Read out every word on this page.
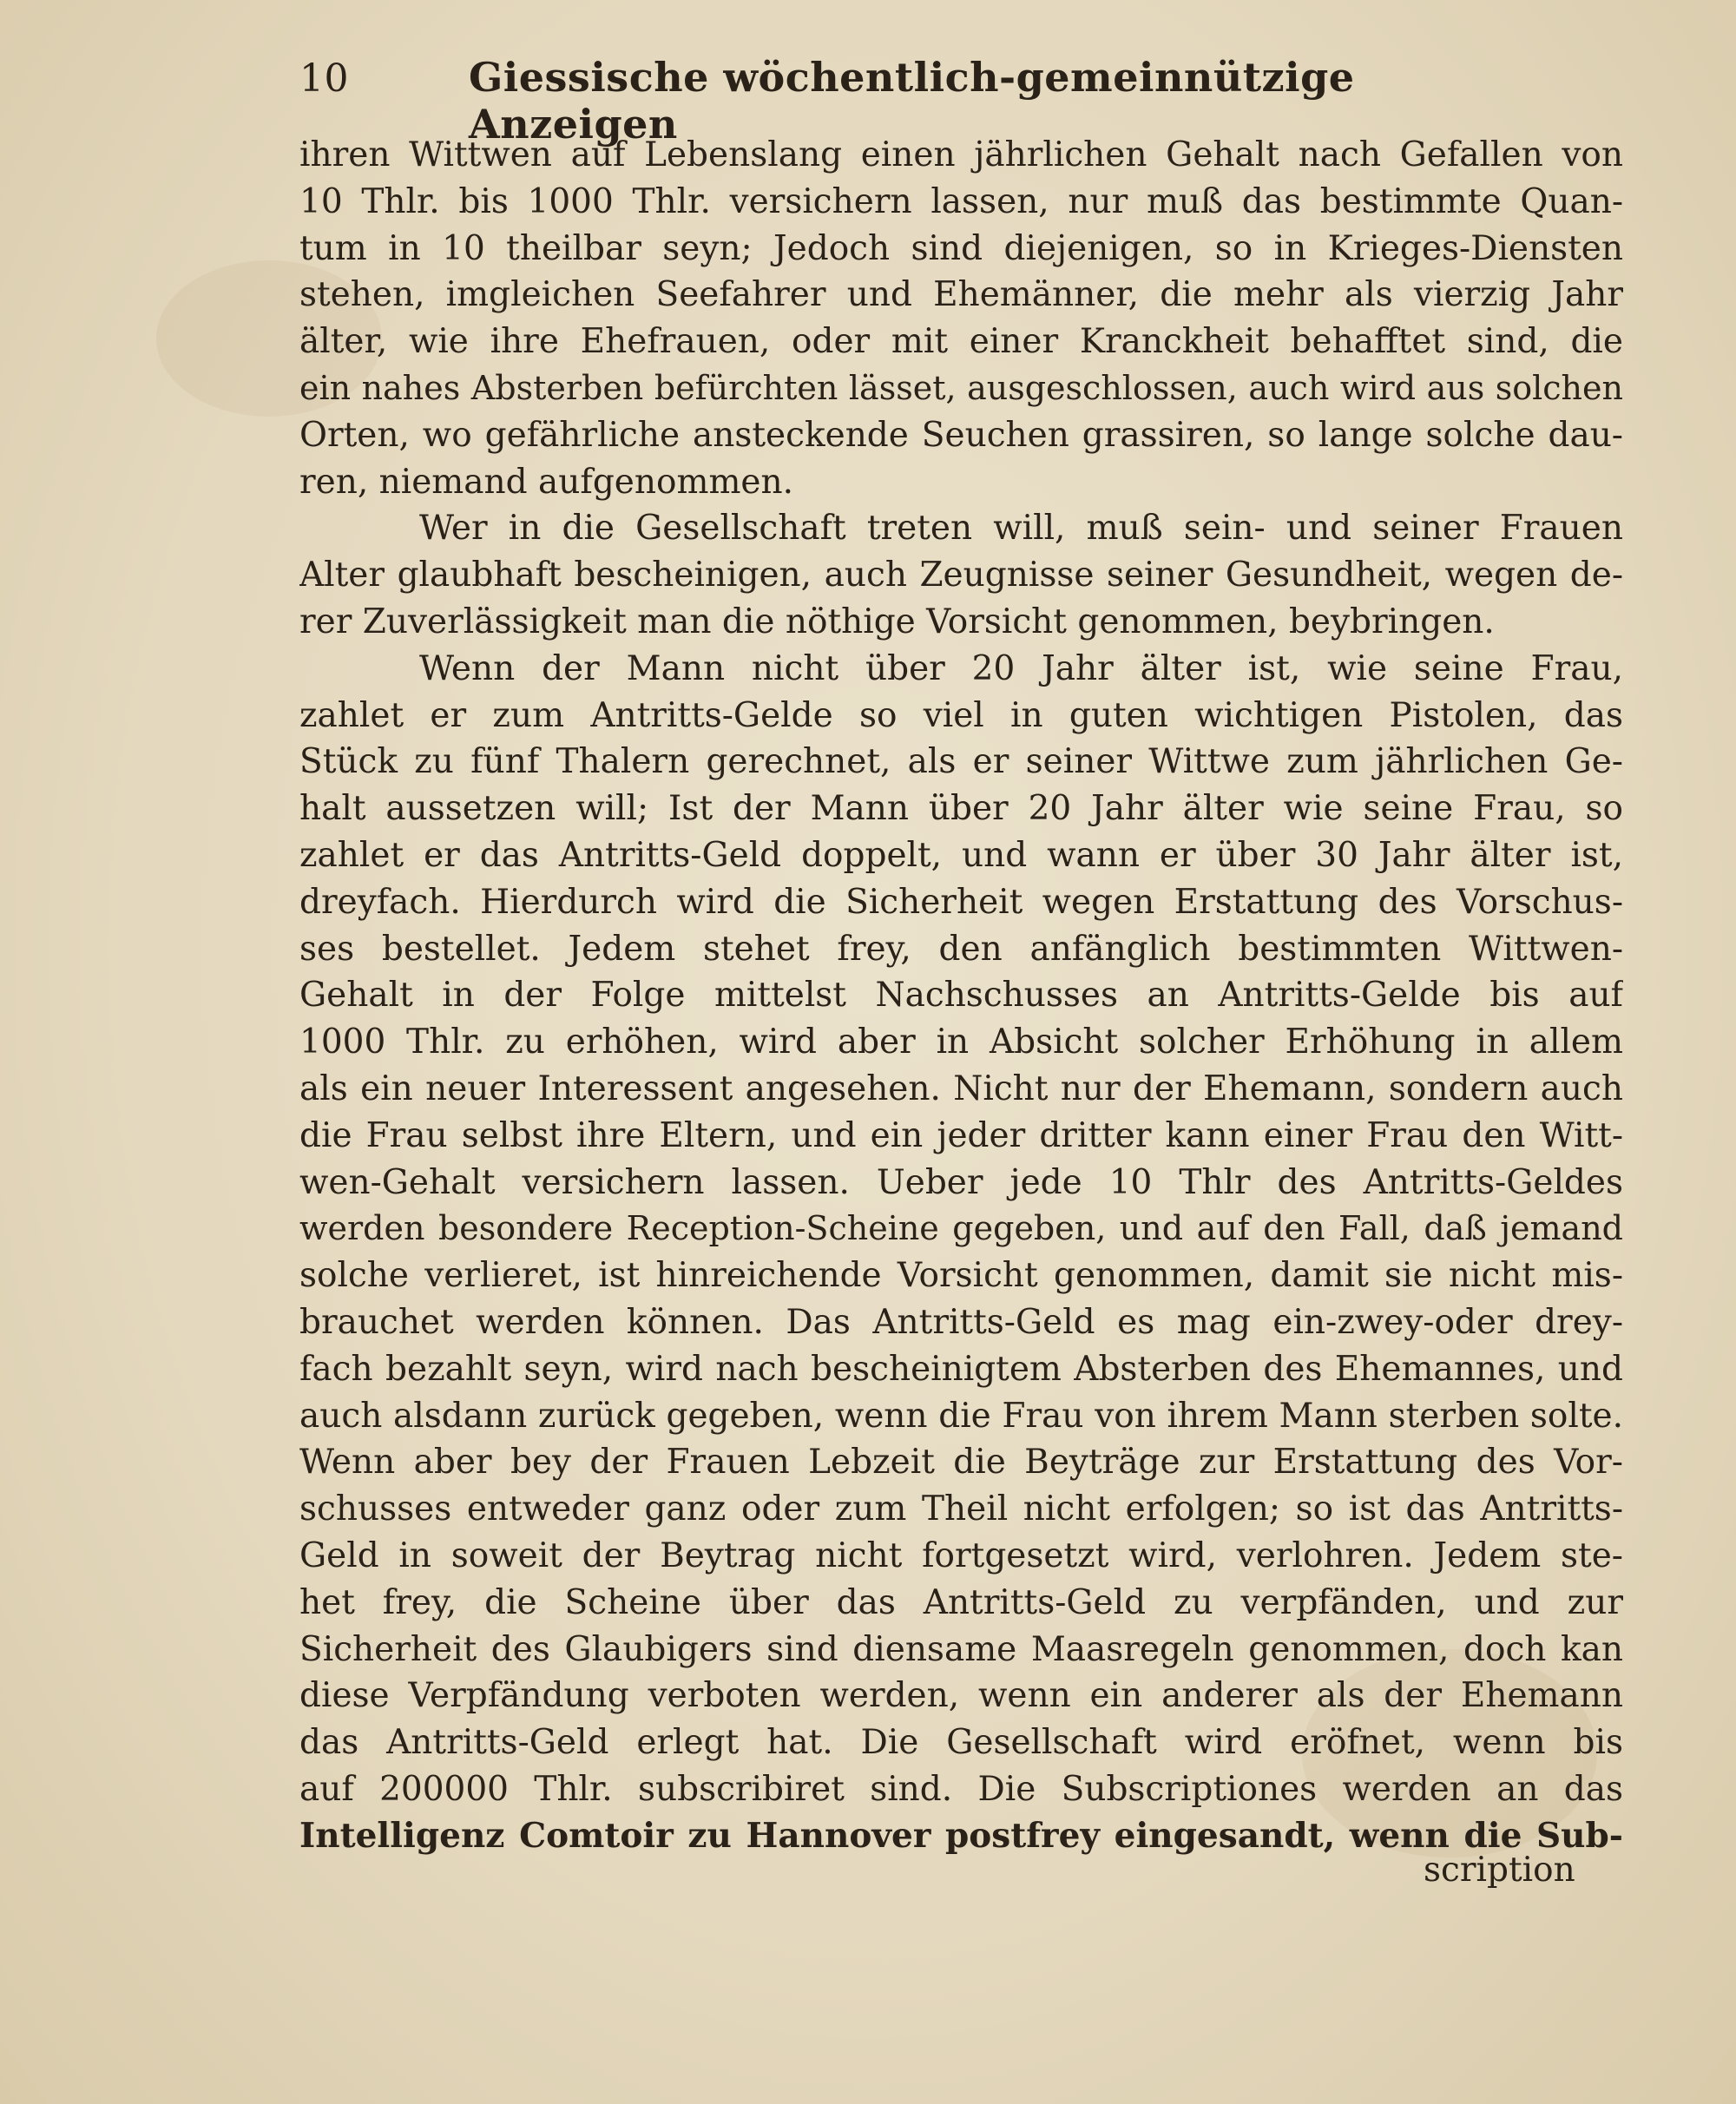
10	Giessische wöchentlich-gemeinnützige Anzeigen
ihren Wittwen auf Lebenslang einen jährlichen Gehalt nach Gefallen von
10 Thlr. bis 1000 Thlr. versichern lassen, nur muß das bestimmte Quan-
tum in 10 theilbar seyn; Jedoch sind diejenigen, so in Krieges-Diensten
stehen, imgleichen Seefahrer und Ehemänner, die mehr als vierzig Jahr
älter, wie ihre Ehefrauen, oder mit einer Kranckheit behafftet sind, die
ein nahes Absterben befürchten lässet, ausgeschlossen, auch wird aus solchen
Orten, wo gefährliche ansteckende Seuchen grassiren, so lange solche dau-
ren, niemand aufgenommen.
Wer in die Gesellschaft treten will, muß sein- und seiner Frauen
Alter glaubhaft bescheinigen, auch Zeugnisse seiner Gesundheit, wegen de-
rer Zuverlässigkeit man die nöthige Vorsicht genommen, beybringen.
Wenn der Mann nicht über 20 Jahr älter ist, wie seine Frau,
zahlet er zum Antritts-Gelde so viel in guten wichtigen Pistolen, das
Stück zu fünf Thalern gerechnet, als er seiner Wittwe zum jährlichen Ge-
halt aussetzen will; Ist der Mann über 20 Jahr älter wie seine Frau, so
zahlet er das Antritts-Geld doppelt, und wann er über 30 Jahr älter ist,
dreyfach. Hierdurch wird die Sicherheit wegen Erstattung des Vorschus-
ses bestellet. Jedem stehet frey, den anfänglich bestimmten Wittwen-
Gehalt in der Folge mittelst Nachschusses an Antritts-Gelde bis auf
1000 Thlr. zu erhöhen, wird aber in Absicht solcher Erhöhung in allem
als ein neuer Interessent angesehen. Nicht nur der Ehemann, sondern auch
die Frau selbst ihre Eltern, und ein jeder dritter kann einer Frau den Witt-
wen-Gehalt versichern lassen. Ueber jede 10 Thlr des Antritts-Geldes
werden besondere Reception-Scheine gegeben, und auf den Fall, daß jemand
solche verlieret, ist hinreichende Vorsicht genommen, damit sie nicht mis-
brauchet werden können. Das Antritts-Geld es mag ein-zwey-oder drey-
fach bezahlt seyn, wird nach bescheinigtem Absterben des Ehemannes, und
auch alsdann zurück gegeben, wenn die Frau von ihrem Mann sterben solte.
Wenn aber bey der Frauen Lebzeit die Beyträge zur Erstattung des Vor-
schusses entweder ganz oder zum Theil nicht erfolgen; so ist das Antritts-
Geld in soweit der Beytrag nicht fortgesetzt wird, verlohren. Jedem ste-
het frey, die Scheine über das Antritts-Geld zu verpfänden, und zur
Sicherheit des Glaubigers sind diensame Maasregeln genommen, doch kan
diese Verpfändung verboten werden, wenn ein anderer als der Ehemann
das Antritts-Geld erlegt hat. Die Gesellschaft wird eröfnet, wenn bis
auf 200000 Thlr. subscribiret sind. Die Subscriptiones werden an das
Intelligenz Comtoir zu Hannover postfrey eingesandt, wenn die Sub-
scription
